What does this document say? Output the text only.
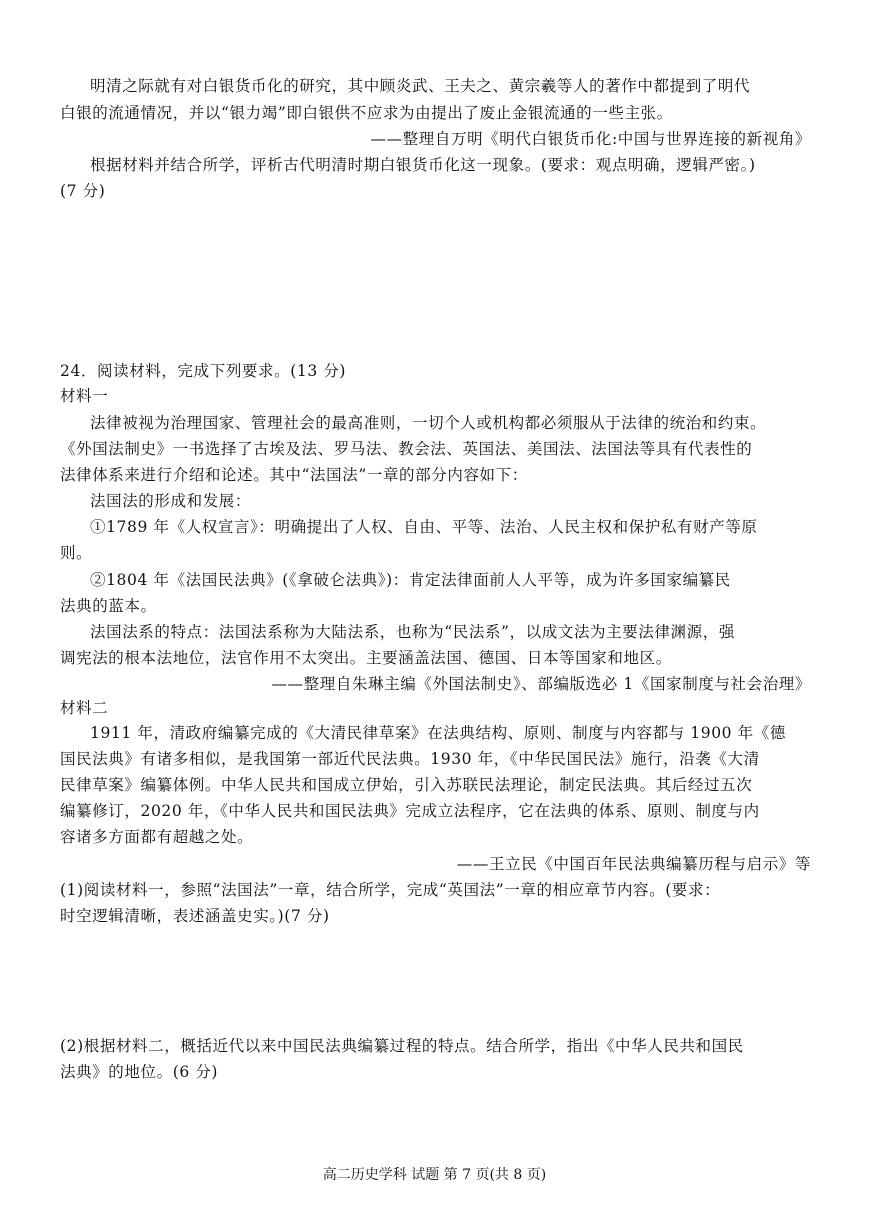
明清之际就有对白银货币化的研究，其中顾炎武、王夫之、黄宗羲等人的著作中都提到了明代
白银的流通情况，并以“银力竭”即白银供不应求为由提出了废止金银流通的一些主张。
——整理自万明《明代白银货币化:中国与世界连接的新视角》
根据材料并结合所学，评析古代明清时期白银货币化这一现象。(要求：观点明确，逻辑严密。)
(7 分)
24．阅读材料，完成下列要求。(13 分)
材料一
法律被视为治理国家、管理社会的最高准则，一切个人或机构都必须服从于法律的统治和约束。
《外国法制史》一书选择了古埃及法、罗马法、教会法、英国法、美国法、法国法等具有代表性的
法律体系来进行介绍和论述。其中“法国法”一章的部分内容如下：
法国法的形成和发展：
①1789 年《人权宣言》：明确提出了人权、自由、平等、法治、人民主权和保护私有财产等原
则。
②1804 年《法国民法典》(《拿破仑法典》)：肯定法律面前人人平等，成为许多国家编纂民
法典的蓝本。
法国法系的特点：法国法系称为大陆法系，也称为“民法系”，以成文法为主要法律渊源，强
调宪法的根本法地位，法官作用不太突出。主要涵盖法国、德国、日本等国家和地区。
——整理自朱琳主编《外国法制史》、部编版选必 1《国家制度与社会治理》
材料二
1911 年，清政府编纂完成的《大清民律草案》在法典结构、原则、制度与内容都与 1900 年《德
国民法典》有诸多相似，是我国第一部近代民法典。1930 年，《中华民国民法》施行，沿袭《大清
民律草案》编纂体例。中华人民共和国成立伊始，引入苏联民法理论，制定民法典。其后经过五次
编纂修订，2020 年，《中华人民共和国民法典》完成立法程序，它在法典的体系、原则、制度与内
容诸多方面都有超越之处。
——王立民《中国百年民法典编纂历程与启示》等
(1)阅读材料一，参照“法国法”一章，结合所学，完成“英国法”一章的相应章节内容。(要求：
时空逻辑清晰，表述涵盖史实。)(7 分)
(2)根据材料二，概括近代以来中国民法典编纂过程的特点。结合所学，指出《中华人民共和国民
法典》的地位。(6 分)
高二历史学科 试题 第 7 页(共 8 页)
